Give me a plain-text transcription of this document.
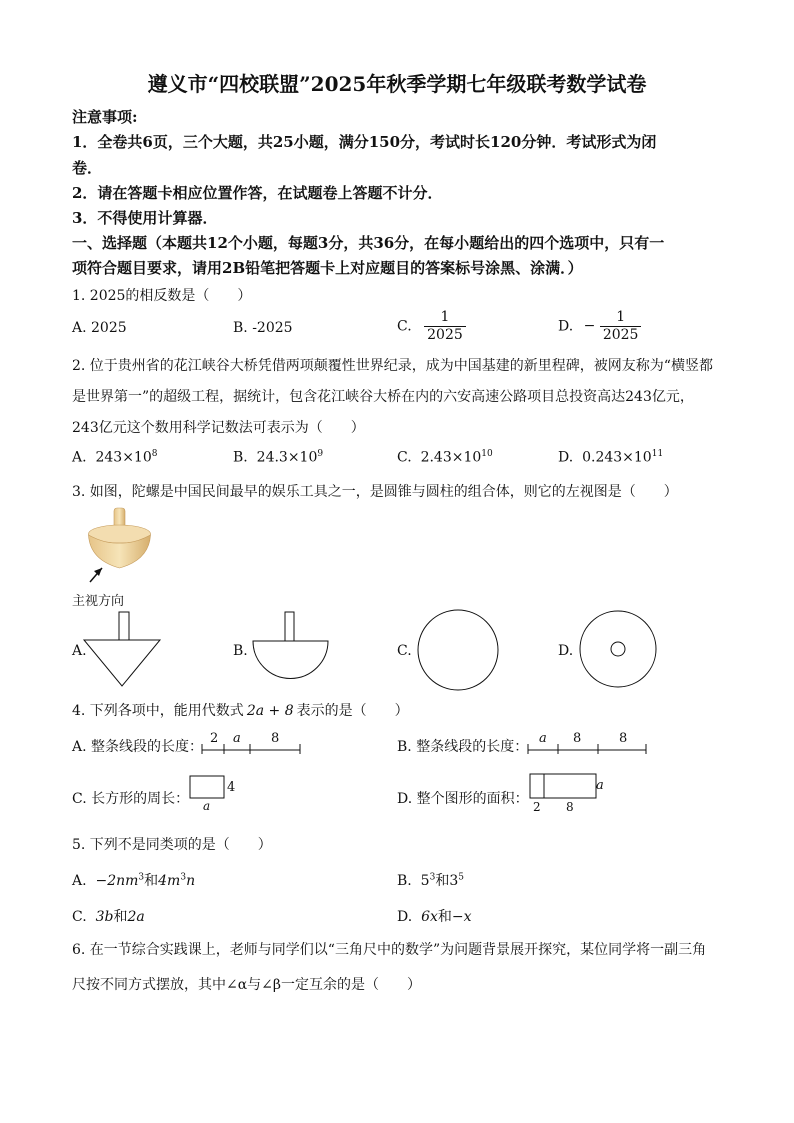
遵义市“四校联盟”2025年秋季学期七年级联考数学试卷
注意事项:
1．全卷共6页，三个大题，共25小题，满分150分，考试时长120分钟．考试形式为闭
卷．
2．请在答题卡相应位置作答，在试题卷上答题不计分．
3．不得使用计算器．
一、选择题（本题共12个小题，每题3分，共36分，在每小题给出的四个选项中，只有一
项符合题目要求，请用2B铅笔把答题卡上对应题目的答案标号涂黑、涂满．）
1. 2025的相反数是（　　）
A. 2025	B. -2025	C. $\frac{1}{2025}$	D. − $\frac{1}{2025}$
2. 位于贵州省的花江峡谷大桥凭借两项颠覆性世界纪录，成为中国基建的新里程碑，被网友称为“横竖都
是世界第一”的超级工程，据统计，包含花江峡谷大桥在内的六安高速公路项目总投资高达243亿元，
243亿元这个数用科学记数法可表示为（　　）
A. $243\times 10^8$	B. $24.3\times 10^9$	C. $2.43\times 10^{10}$	D. $0.243\times 10^{11}$
3. 如图，陀螺是中国民间最早的娱乐工具之一，是圆锥与圆柱的组合体，则它的左视图是（　　）
主视方向
A.	B.	C.	D.
4. 下列各项中，能用代数式 2a + 8 表示的是（　　）
A. 整条线段的长度：
2 a 8
B. 整条线段的长度：
a 8	8
C. 长方形的周长：
4
a	D. 整个图形的面积：
a
2 8
5. 下列不是同类项的是（　　）
A. $-2nm^3$和$4m^3n$	B. $5^3$和$3^5$
C. 3b和2a	D. 6x和−x
6. 在一节综合实践课上，老师与同学们以“三角尺中的数学”为问题背景展开探究，某位同学将一副三角
尺按不同方式摆放，其中∠α与∠β一定互余的是（　　）
